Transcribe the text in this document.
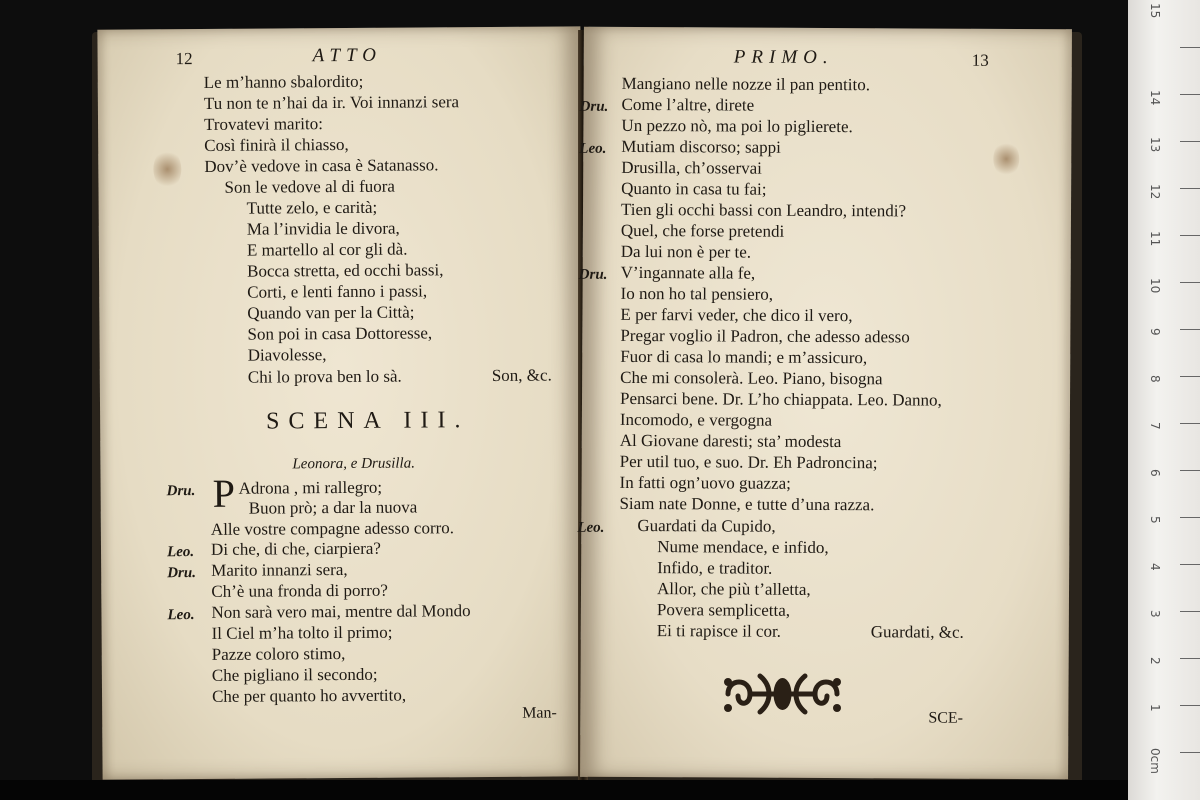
12	ATTO
Le m’hanno sbalordito;
Tu non te n’hai da ir. Voi innanzi sera
Trovatevi marito:
Così finirà il chiasso,
Dov’è vedove in casa è Satanasso.
Son le vedove al di fuora
Tutte zelo, e carità;
Ma l’invidia le divora,
E martello al cor gli dà.
Bocca stretta, ed occhi bassi,
Corti, e lenti fanno i passi,
Quando van per la Città;
Son poi in casa Dottoresse,
Diavolesse,
Chi lo prova ben lo sà.	Son, &c.
SCENA III.
Leonora, e Drusilla.
Dru. P Adrona , mi rallegro;
Buon prò; a dar la nuova
Alle vostre compagne adesso corro.
Leo. Di che, di che, ciarpiera?
Dru. Marito innanzi sera,
Ch’è una fronda di porro?
Leo. Non sarà vero mai, mentre dal Mondo
Il Ciel m’ha tolto il primo;
Pazze coloro stimo,
Che pigliano il secondo;
Che per quanto ho avvertito,
Man-
PRIMO.	13
Mangiano nelle nozze il pan pentito.
Dru. Come l’altre, direte
Un pezzo nò, ma poi lo piglierete.
Leo. Mutiam discorso; sappi
Drusilla, ch’osservai
Quanto in casa tu fai;
Tien gli occhi bassi con Leandro, intendi?
Quel, che forse pretendi
Da lui non è per te.
Dru. V’ingannate alla fe,
Io non ho tal pensiero,
E per farvi veder, che dico il vero,
Pregar voglio il Padron, che adesso adesso
Fuor di casa lo mandi; e m’assicuro,
Che mi consolerà. Leo. Piano, bisogna
Pensarci bene. Dr. L’ho chiappata. Leo. Danno,
Incomodo, e vergogna
Al Giovane daresti; sta’ modesta
Per util tuo, e suo. Dr. Eh Padroncina;
In fatti ogn’uovo guazza;
Siam nate Donne, e tutte d’una razza.
Leo. Guardati da Cupido,
Nume mendace, e infido,
Infido, e traditor.
Allor, che più t’alletta,
Povera semplicetta,
Ei ti rapisce il cor.	Guardati, &c.
SCE-
0cm
1
2
3
4
5
6
7
8
9
10
11
12
13
14
15
